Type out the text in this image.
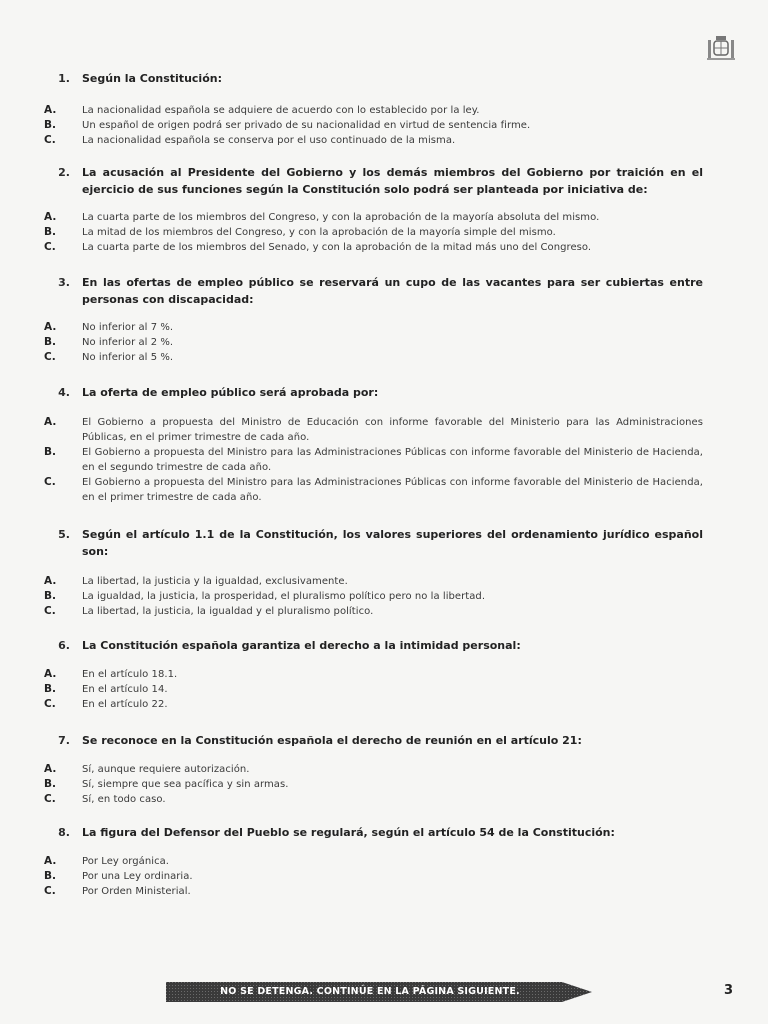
1.	Según la Constitución:
A.	La nacionalidad española se adquiere de acuerdo con lo establecido por la ley.
B.	Un español de origen podrá ser privado de su nacionalidad en virtud de sentencia firme.
C.	La nacionalidad española se conserva por el uso continuado de la misma.
2.	La acusación al Presidente del Gobierno y los demás miembros del Gobierno por traición en el ejercicio de sus funciones según la Constitución solo podrá ser planteada por iniciativa de:
A.	La cuarta parte de los miembros del Congreso, y con la aprobación de la mayoría absoluta del mismo.
B.	La mitad de los miembros del Congreso, y con la aprobación de la mayoría simple del mismo.
C.	La cuarta parte de los miembros del Senado, y con la aprobación de la mitad más uno del Congreso.
3.	En las ofertas de empleo público se reservará un cupo de las vacantes para ser cubiertas entre personas con discapacidad:
A.	No inferior al 7 %.
B.	No inferior al 2 %.
C.	No inferior al 5 %.
4.	La oferta de empleo público será aprobada por:
A.	El Gobierno a propuesta del Ministro de Educación con informe favorable del Ministerio para las Administraciones Públicas, en el primer trimestre de cada año.
B.	El Gobierno a propuesta del Ministro para las Administraciones Públicas con informe favorable del Ministerio de Hacienda, en el segundo trimestre de cada año.
C.	El Gobierno a propuesta del Ministro para las Administraciones Públicas con informe favorable del Ministerio de Hacienda, en el primer trimestre de cada año.
5.	Según el artículo 1.1 de la Constitución, los valores superiores del ordenamiento jurídico español son:
A.	La libertad, la justicia y la igualdad, exclusivamente.
B.	La igualdad, la justicia, la prosperidad, el pluralismo político pero no la libertad.
C.	La libertad, la justicia, la igualdad y el pluralismo político.
6.	La Constitución española garantiza el derecho a la intimidad personal:
A.	En el artículo 18.1.
B.	En el artículo 14.
C.	En el artículo 22.
7.	Se reconoce en la Constitución española el derecho de reunión en el artículo 21:
A.	Sí, aunque requiere autorización.
B.	Sí, siempre que sea pacífica y sin armas.
C.	Sí, en todo caso.
8.	La figura del Defensor del Pueblo se regulará, según el artículo 54 de la Constitución:
A.	Por Ley orgánica.
B.	Por una Ley ordinaria.
C.	Por Orden Ministerial.
NO SE DETENGA. CONTINÚE EN LA PÁGINA SIGUIENTE.	3
